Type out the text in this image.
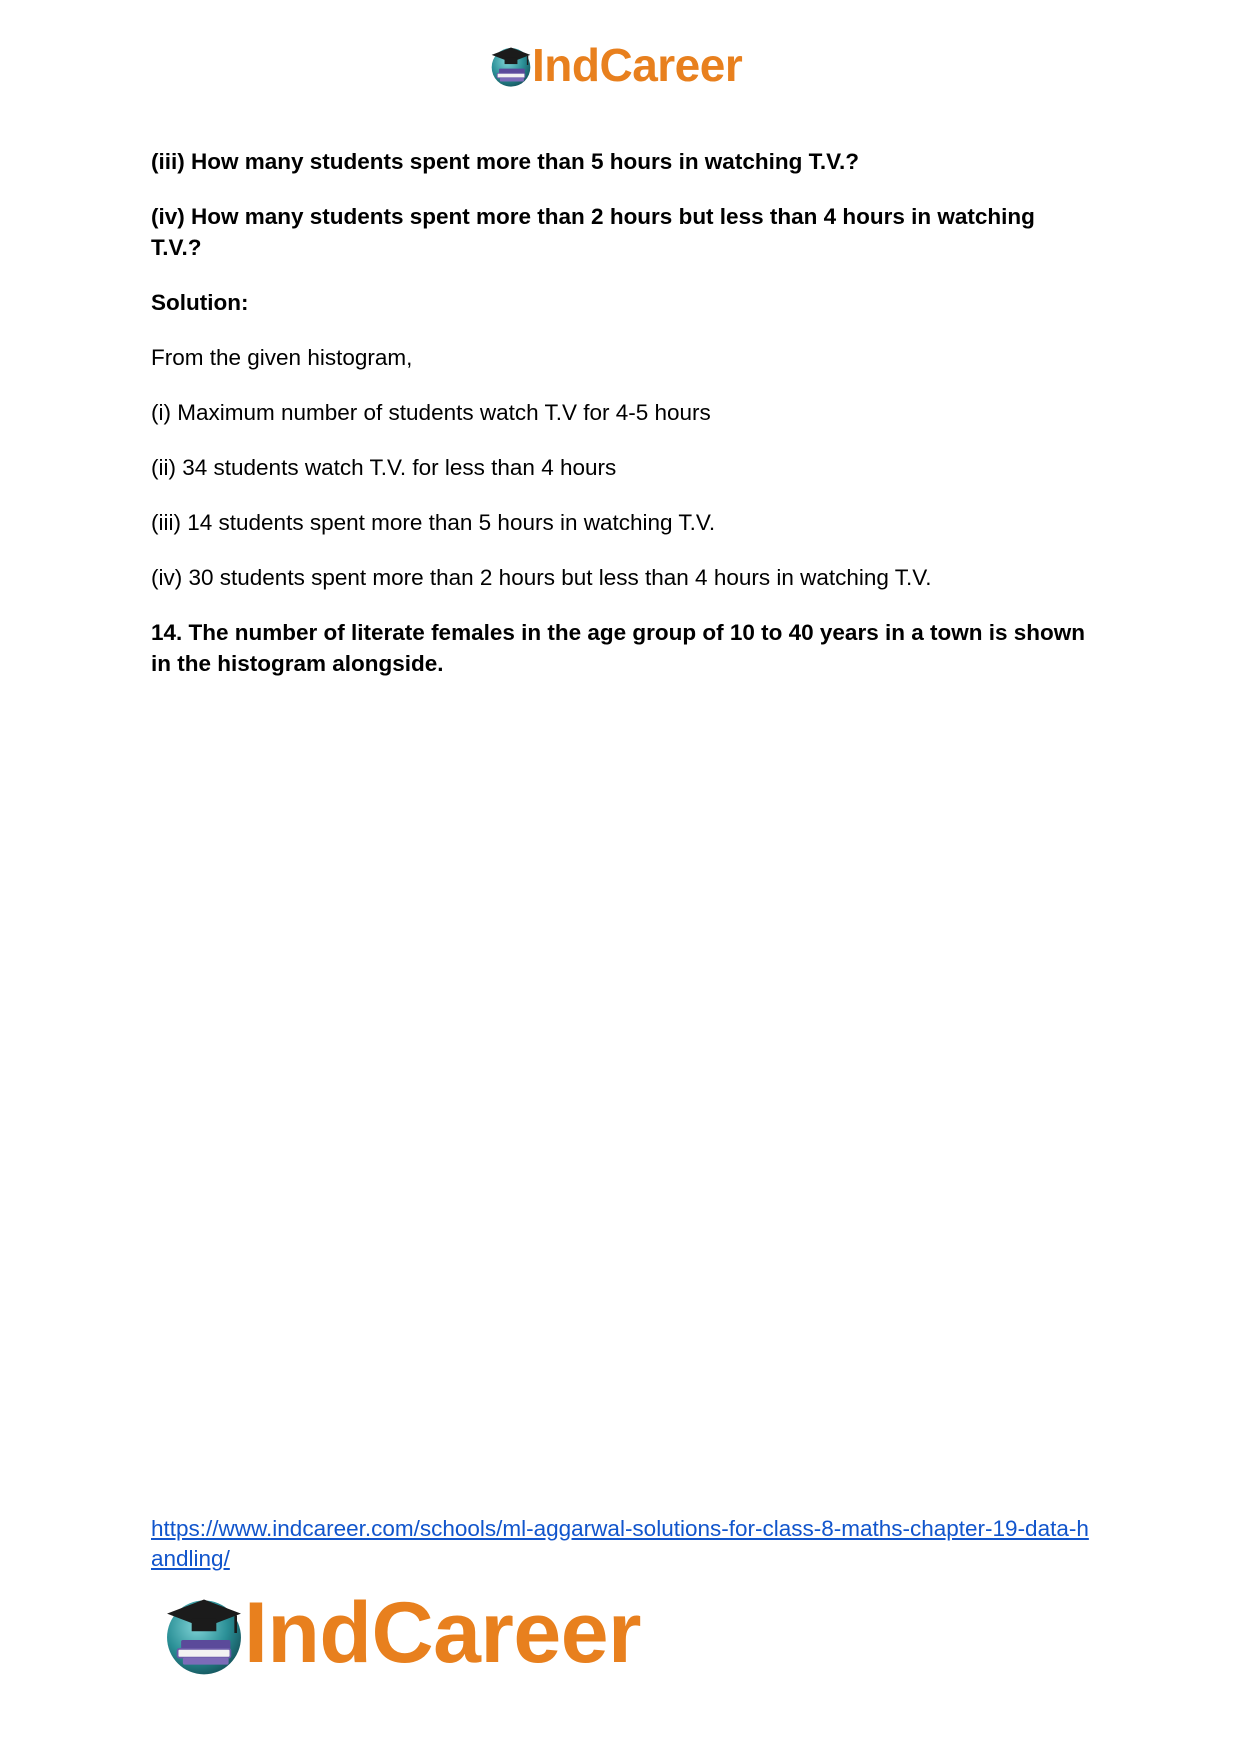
IndCareer

(iii) How many students spent more than 5 hours in watching T.V.?

(iv) How many students spent more than 2 hours but less than 4 hours in watching T.V.?

Solution:

From the given histogram,

(i) Maximum number of students watch T.V for 4-5 hours

(ii) 34 students watch T.V. for less than 4 hours

(iii) 14 students spent more than 5 hours in watching T.V.

(iv) 30 students spent more than 2 hours but less than 4 hours in watching T.V.

14. The number of literate females in the age group of 10 to 40 years in a town is shown in the histogram alongside.

https://www.indcareer.com/schools/ml-aggarwal-solutions-for-class-8-maths-chapter-19-data-handling/
IndCareer
